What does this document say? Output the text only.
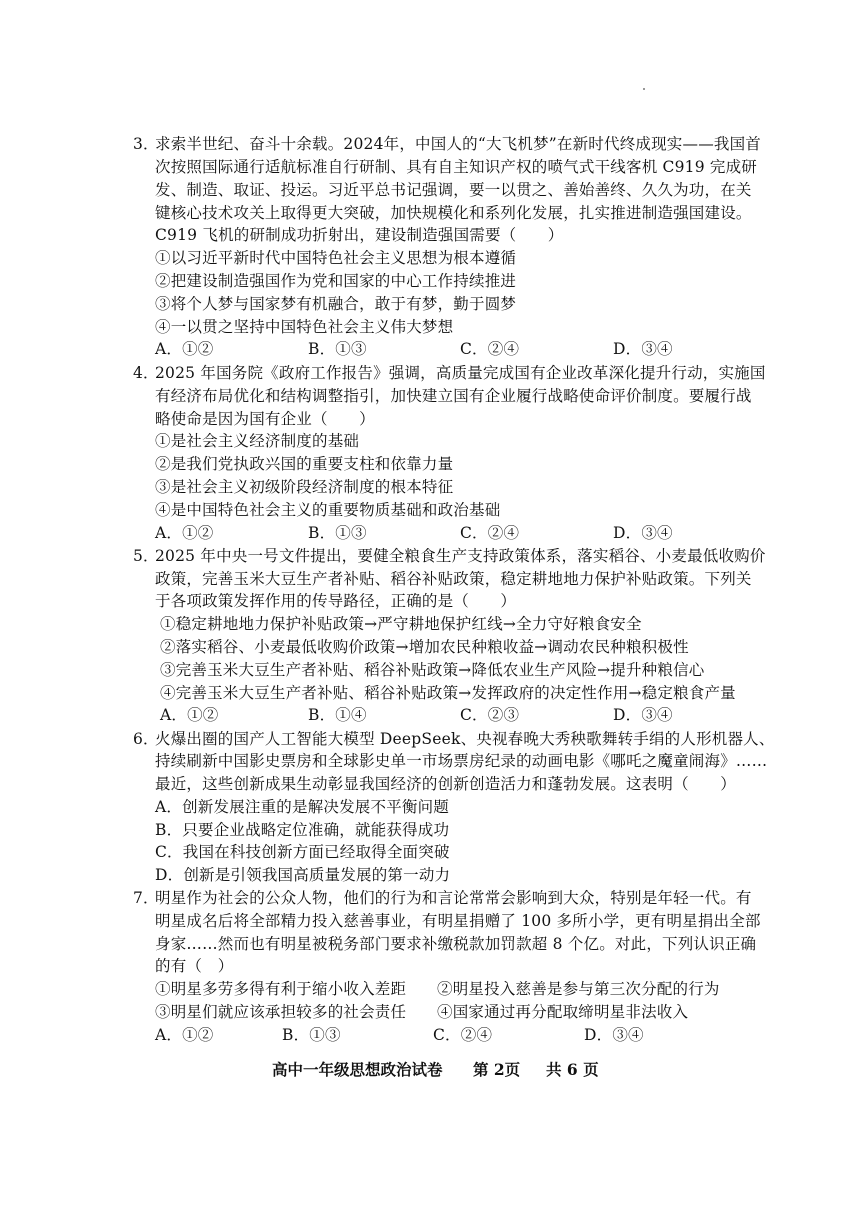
3．
求索半世纪、奋斗十余载。2024年，中国人的“大飞机梦”在新时代终成现实——我国首
次按照国际通行适航标准自行研制、具有自主知识产权的喷气式干线客机 C919 完成研
发、制造、取证、投运。习近平总书记强调，要一以贯之、善始善终、久久为功，在关
键核心技术攻关上取得更大突破，加快规模化和系列化发展，扎实推进制造强国建设。
C919 飞机的研制成功折射出，建设制造强国需要（　　）
①以习近平新时代中国特色社会主义思想为根本遵循
②把建设制造强国作为党和国家的中心工作持续推进
③将个人梦与国家梦有机融合，敢于有梦，勤于圆梦
④一以贯之坚持中国特色社会主义伟大梦想
A．①②	B．①③	C．②④	D．③④
4．
2025 年国务院《政府工作报告》强调，高质量完成国有企业改革深化提升行动，实施国
有经济布局优化和结构调整指引，加快建立国有企业履行战略使命评价制度。要履行战
略使命是因为国有企业（　　）
①是社会主义经济制度的基础
②是我们党执政兴国的重要支柱和依靠力量
③是社会主义初级阶段经济制度的根本特征
④是中国特色社会主义的重要物质基础和政治基础
A．①②	B．①③	C．②④	D．③④
5．
2025 年中央一号文件提出，要健全粮食生产支持政策体系，落实稻谷、小麦最低收购价
政策，完善玉米大豆生产者补贴、稻谷补贴政策，稳定耕地地力保护补贴政策。下列关
于各项政策发挥作用的传导路径，正确的是（　　）
①稳定耕地地力保护补贴政策→严守耕地保护红线→全力守好粮食安全
②落实稻谷、小麦最低收购价政策→增加农民种粮收益→调动农民种粮积极性
③完善玉米大豆生产者补贴、稻谷补贴政策→降低农业生产风险→提升种粮信心
④完善玉米大豆生产者补贴、稻谷补贴政策→发挥政府的决定性作用→稳定粮食产量
A．①②	B．①④	C．②③	D．③④
6．
火爆出圈的国产人工智能大模型 DeepSeek、央视春晚大秀秧歌舞转手绢的人形机器人、
持续刷新中国影史票房和全球影史单一市场票房纪录的动画电影《哪吒之魔童闹海》……
最近，这些创新成果生动彰显我国经济的创新创造活力和蓬勃发展。这表明（　　）
A．创新发展注重的是解决发展不平衡问题
B．只要企业战略定位准确，就能获得成功
C．我国在科技创新方面已经取得全面突破
D．创新是引领我国高质量发展的第一动力
7．
明星作为社会的公众人物，他们的行为和言论常常会影响到大众，特别是年轻一代。有
明星成名后将全部精力投入慈善事业，有明星捐赠了 100 多所小学，更有明星捐出全部
身家……然而也有明星被税务部门要求补缴税款加罚款超 8 个亿。对此，下列认识正确
的有（　）
①明星多劳多得有利于缩小收入差距 ②明星投入慈善是参与第三次分配的行为
③明星们就应该承担较多的社会责任 ④国家通过再分配取缔明星非法收入
A．①②	B．①③	C．②④	D．③④
高中一年级思想政治试卷 第 2页 共 6 页
